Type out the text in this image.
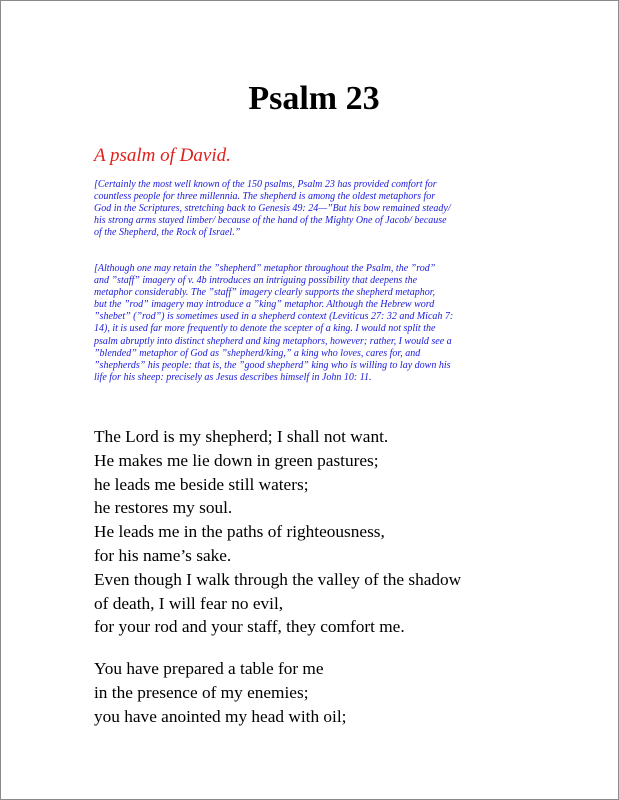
Psalm 23

A psalm of David.

[Certainly the most well known of the 150 psalms, Psalm 23 has provided comfort for
countless people for three millennia. The shepherd is among the oldest metaphors for
God in the Scriptures, stretching back to Genesis 49: 24—”But his bow remained steady/
his strong arms stayed limber/ because of the hand of the Mighty One of Jacob/ because
of the Shepherd, the Rock of Israel.”
[Although one may retain the ”shepherd” metaphor throughout the Psalm, the ”rod”
and ”staff” imagery of v. 4b introduces an intriguing possibility that deepens the
metaphor considerably. The ”staff” imagery clearly supports the shepherd metaphor,
but the ”rod” imagery may introduce a ”king” metaphor. Although the Hebrew word
”shebet” (”rod”) is sometimes used in a shepherd context (Leviticus 27: 32 and Micah 7:
14), it is used far more frequently to denote the scepter of a king. I would not split the
psalm abruptly into distinct shepherd and king metaphors, however; rather, I would see a
”blended” metaphor of God as ”shepherd/king,” a king who loves, cares for, and
”shepherds” his people: that is, the ”good shepherd” king who is willing to lay down his
life for his sheep: precisely as Jesus describes himself in John 10: 11.
The Lord is my shepherd; I shall not want.
He makes me lie down in green pastures;
he leads me beside still waters;
he restores my soul.
He leads me in the paths of righteousness,
for his name’s sake.
Even though I walk through the valley of the shadow
of death, I will fear no evil,
for your rod and your staff, they comfort me.
You have prepared a table for me
in the presence of my enemies;
you have anointed my head with oil;
